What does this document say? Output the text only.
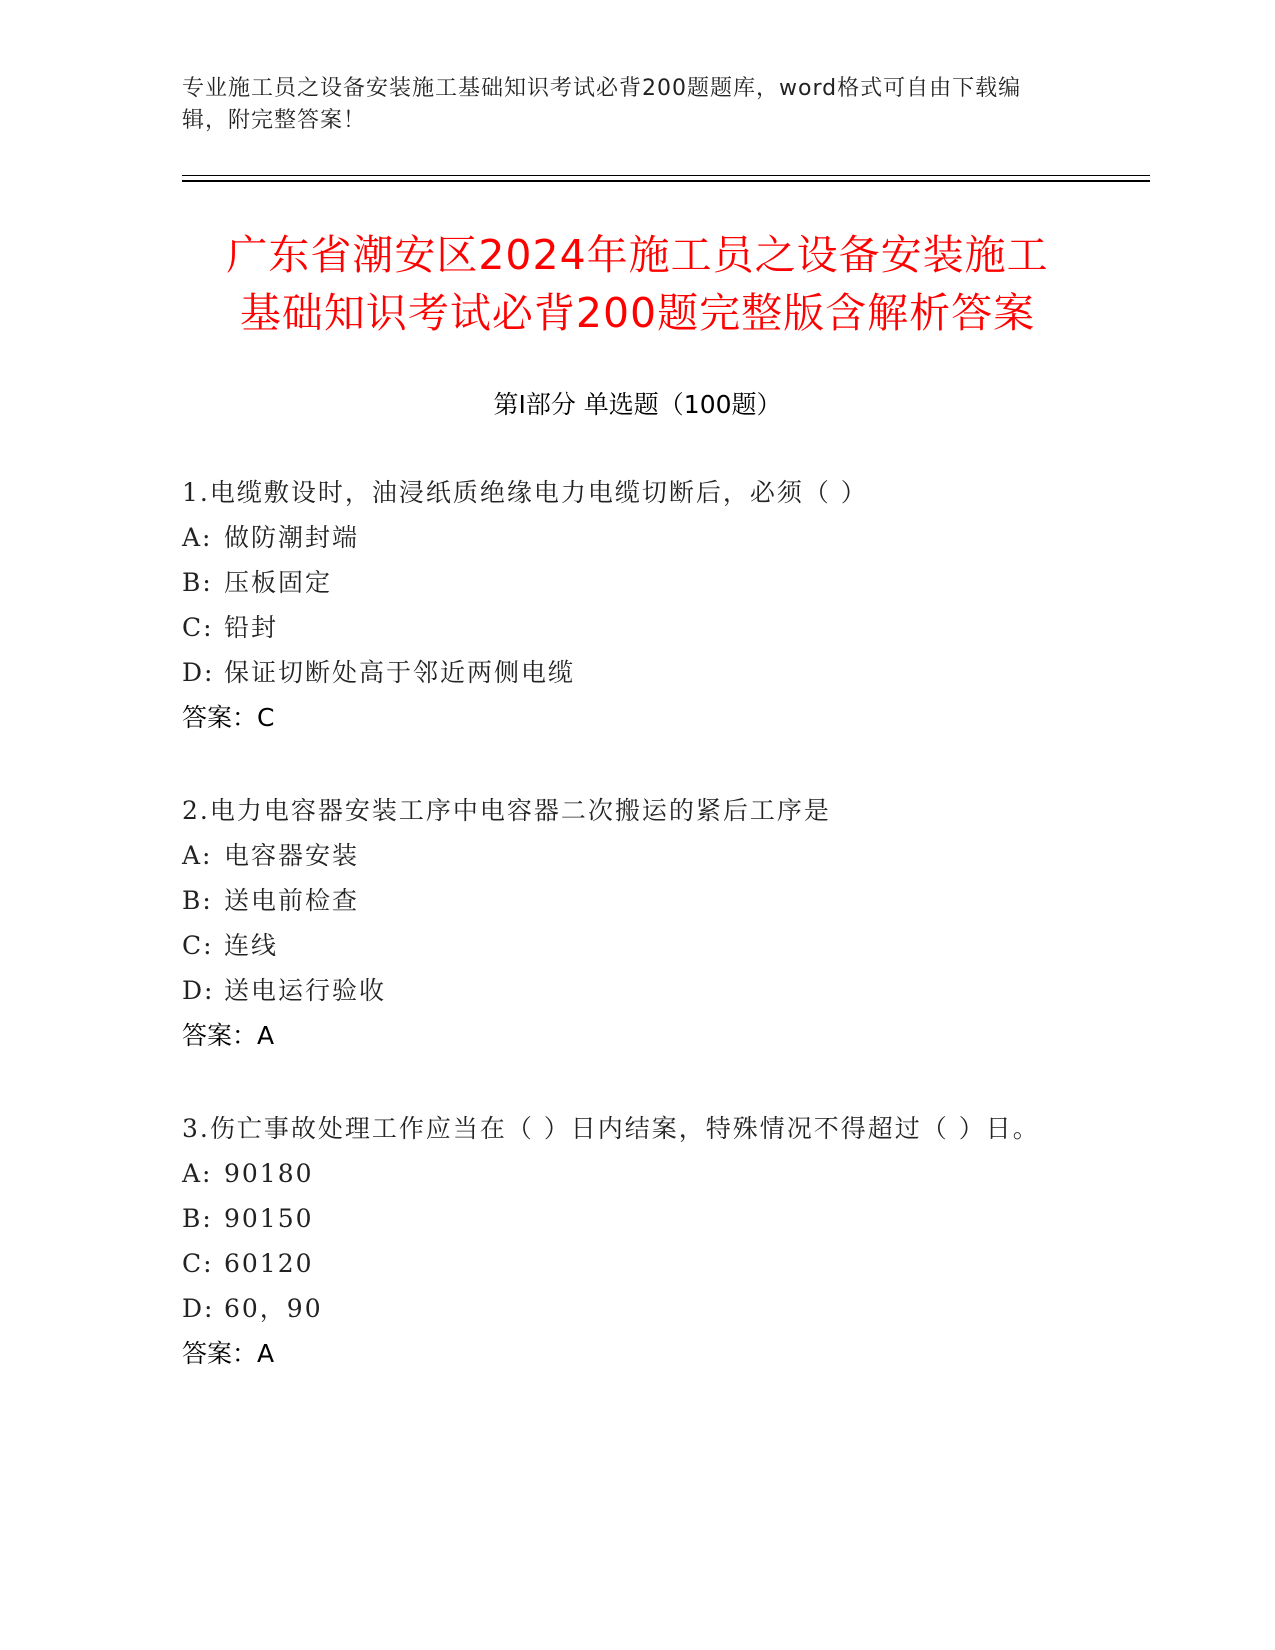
专业施工员之设备安装施工基础知识考试必背200题题库，word格式可自由下载编辑，附完整答案！
广东省潮安区2024年施工员之设备安装施工
基础知识考试必背200题完整版含解析答案
第Ⅰ部分 单选题（100题）

1.电缆敷设时，油浸纸质绝缘电力电缆切断后，必须（ ）

A: 做防潮封端

B: 压板固定

C: 铅封

D: 保证切断处高于邻近两侧电缆

答案：C

2.电力电容器安装工序中电容器二次搬运的紧后工序是

A: 电容器安装

B: 送电前检查

C: 连线

D: 送电运行验收

答案：A

3.伤亡事故处理工作应当在（ ）日内结案，特殊情况不得超过（ ）日。

A: 90180

B: 90150

C: 60120

D: 60，90

答案：A
